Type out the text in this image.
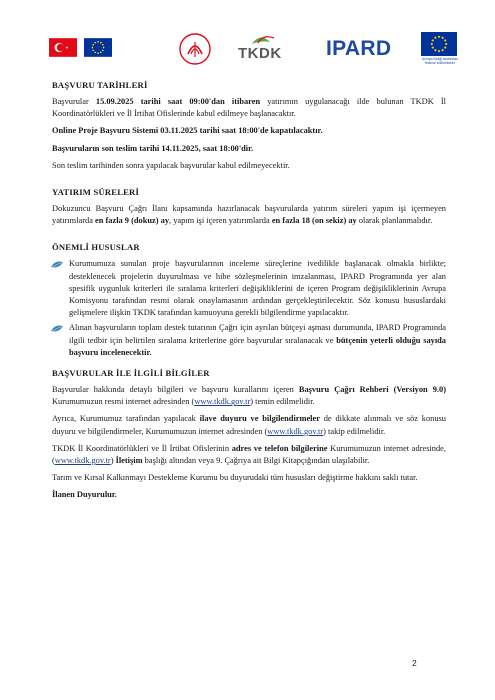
TKDK IPARD	Avrupa Birliği tarafından finanse edilmektedir
BAŞVURU TARİHLERİ
Başvurular 15.09.2025 tarihi saat 09:00'dan itibaren yatırımın uygulanacağı ilde bulunan TKDK İl Koordinatörlükleri ve İl İrtibat Ofislerinde kabul edilmeye başlanacaktır.
Online Proje Başvuru Sistemi 03.11.2025 tarihi saat 18:00'de kapatılacaktır.
Başvuruların son teslim tarihi 14.11.2025, saat 18:00'dir.
Son teslim tarihinden sonra yapılacak başvurular kabul edilmeyecektir.
YATIRIM SÜRELERİ
Dokuzuncu Başvuru Çağrı İlanı kapsamında hazırlanacak başvurularda yatırım süreleri yapım işi içermeyen yatırımlarda en fazla 9 (dokuz) ay, yapım işi içeren yatırımlarda en fazla 18 (on sekiz) ay olarak planlanmalıdır.
ÖNEMLİ HUSUSLAR
Kurumumuza sunulan proje başvurularının inceleme süreçlerine ivedilikle başlanacak olmakla birlikte; desteklenecek projelerin duyurulması ve hibe sözleşmelerinin imzalanması, IPARD Programında yer alan spesifik uygunluk kriterleri ile sıralama kriterleri değişikliklerini de içeren Program değişikliklerinin Avrupa Komisyonu tarafından resmi olarak onaylamasının ardından gerçekleştirilecektir. Söz konusu hususlardaki gelişmelere ilişkin TKDK tarafından kamuoyuna gerekli bilgilendirme yapılacaktır.
Alınan başvuruların toplam destek tutarının Çağrı için ayrılan bütçeyi aşması durumunda, IPARD Programında ilgili tedbir için belirtilen sıralama kriterlerine göre başvurular sıralanacak ve bütçenin yeterli olduğu sayıda başvuru incelenecektir.
BAŞVURULAR İLE İLGİLİ BİLGİLER
Başvurular hakkında detaylı bilgileri ve başvuru kurallarını içeren Başvuru Çağrı Rehberi (Versiyon 9.0) Kurumumuzun resmi internet adresinden (www.tkdk.gov.tr) temin edilmelidir.
Ayrıca, Kurumumuz tarafından yapılacak ilave duyuru ve bilgilendirmeler de dikkate alınmalı ve söz konusu duyuru ve bilgilendirmeler, Kurumumuzun internet adresinden (www.tkdk.gov.tr) takip edilmelidir.
TKDK İl Koordinatörlükleri ve İl İrtibat Ofislerinin adres ve telefon bilgilerine Kurumumuzun internet adresinde, (www.tkdk.gov.tr) İletişim başlığı altından veya 9. Çağrıya ait Bilgi Kitapçığından ulaşılabilir.
Tarım ve Kırsal Kalkınmayı Destekleme Kurumu bu duyurudaki tüm hususları değiştirme hakkını saklı tutar.
İlanen Duyurulur.
2
